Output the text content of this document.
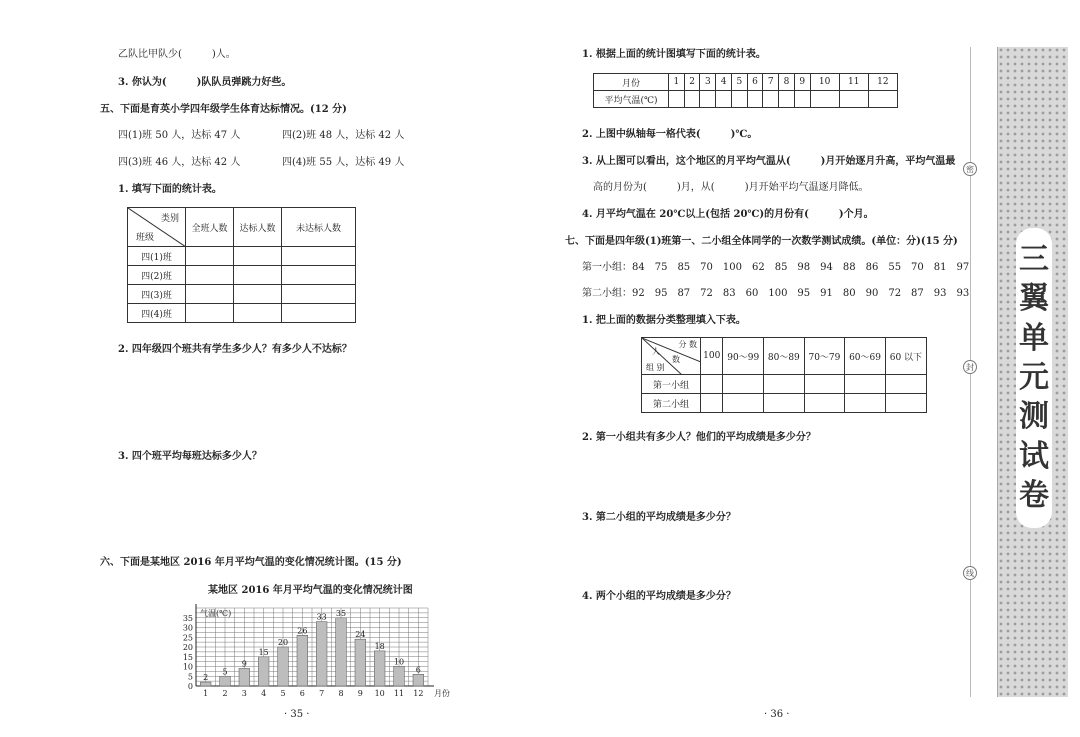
乙队比甲队少(　　　)人。
3. 你认为(　　　)队队员弹跳力好些。
五、下面是育英小学四年级学生体育达标情况。(12 分)
四(1)班 50 人，达标 47 人	四(2)班 48 人，达标 42 人
四(3)班 46 人，达标 42 人	四(4)班 55 人，达标 49 人
1. 填写下面的统计表。
类别
班级	全班人数	达标人数	未达标人数
四(1)班			
四(2)班			
四(3)班			
四(4)班			
2. 四年级四个班共有学生多少人？有多少人不达标？
3. 四个班平均每班达标多少人？
六、下面是某地区 2016 年月平均气温的变化情况统计图。(15 分)
某地区 2016 年月平均气温的变化情况统计图
0
5
10
15
20
25
30
35
气温(℃)
2
1
5
2
9
3
15
4
20
5
26
6
33
7
35
8
24
9
18
10
10
11
6
12 月份
· 35 ·
1. 根据上面的统计图填写下面的统计表。
月份	1	2	3	4	5	6	7	8	9	10	11	12
平均气温(℃)												
2. 上图中纵轴每一格代表(　　　)℃。
3. 从上图可以看出，这个地区的月平均气温从(　　　)月开始逐月升高，平均气温最
高的月份为(　　　)月，从(　　　)月开始平均气温逐月降低。
4. 月平均气温在 20℃以上(包括 20℃)的月份有(　　　)个月。
七、下面是四年级(1)班第一、二小组全体同学的一次数学测试成绩。(单位：分)(15 分)
第一小组：84　75　85　70　100　62　85　98　94　88　86　55　70　81　97
第二小组：92　95　87　72　83　60　100　95　91　80　90　72　87　93　93
1. 把上面的数据分类整理填入下表。
分 数
人
数
组 别	100	90～99	80～89	70～79	60～69	60 以下
第一小组						
第二小组						
2. 第一小组共有多少人？他们的平均成绩是多少分？
3. 第二小组的平均成绩是多少分？
4. 两个小组的平均成绩是多少分？
· 36 ·
密
封
线
三
翼
单
元
测
试
卷
